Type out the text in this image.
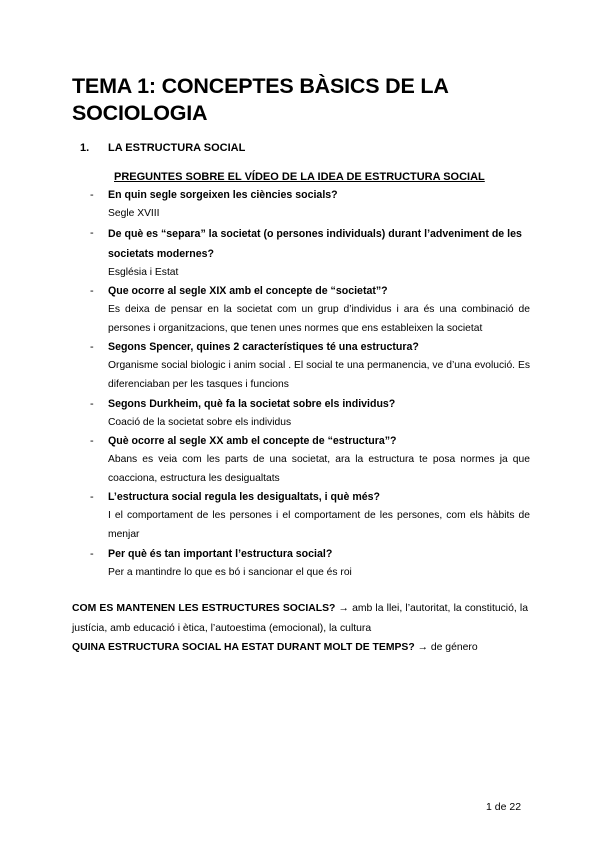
TEMA 1: CONCEPTES BÀSICS DE LA SOCIOLOGIA
1.	LA ESTRUCTURA SOCIAL
PREGUNTES SOBRE EL VÍDEO DE LA IDEA DE ESTRUCTURA SOCIAL
- En quin segle sorgeixen les ciències socials?
Segle XVIII
- De què es “separa” la societat (o persones individuals) durant l’adveniment de les societats modernes?
Església i Estat
- Que ocorre al segle XIX amb el concepte de “societat”?
Es deixa de pensar en la societat com un grup d’individus i ara és una combinació de persones i organitzacions, que tenen unes normes que ens estableixen la societat
- Segons Spencer, quines 2 característiques té una estructura?
Organisme social biologic i anim social . El social te una permanencia, ve d’una evolució. Es diferenciaban per les tasques i funcions
- Segons Durkheim, què fa la societat sobre els individus?
Coació de la societat sobre els individus
- Què ocorre al segle XX amb el concepte de “estructura”?
Abans es veia com les parts de una societat, ara la estructura te posa normes ja que coacciona, estructura les desigualtats
- L’estructura social regula les desigualtats, i què més?
I el comportament de les persones i el comportament de les persones, com els hàbits de menjar
- Per què és tan important l’estructura social?
Per a mantindre lo que es bó i sancionar el que és roi
COM ES MANTENEN LES ESTRUCTURES SOCIALS? → amb la llei, l’autoritat, la constitució, la justícia, amb educació i ètica, l’autoestima (emocional), la cultura
QUINA ESTRUCTURA SOCIAL HA ESTAT DURANT MOLT DE TEMPS? → de género
1 de 22
